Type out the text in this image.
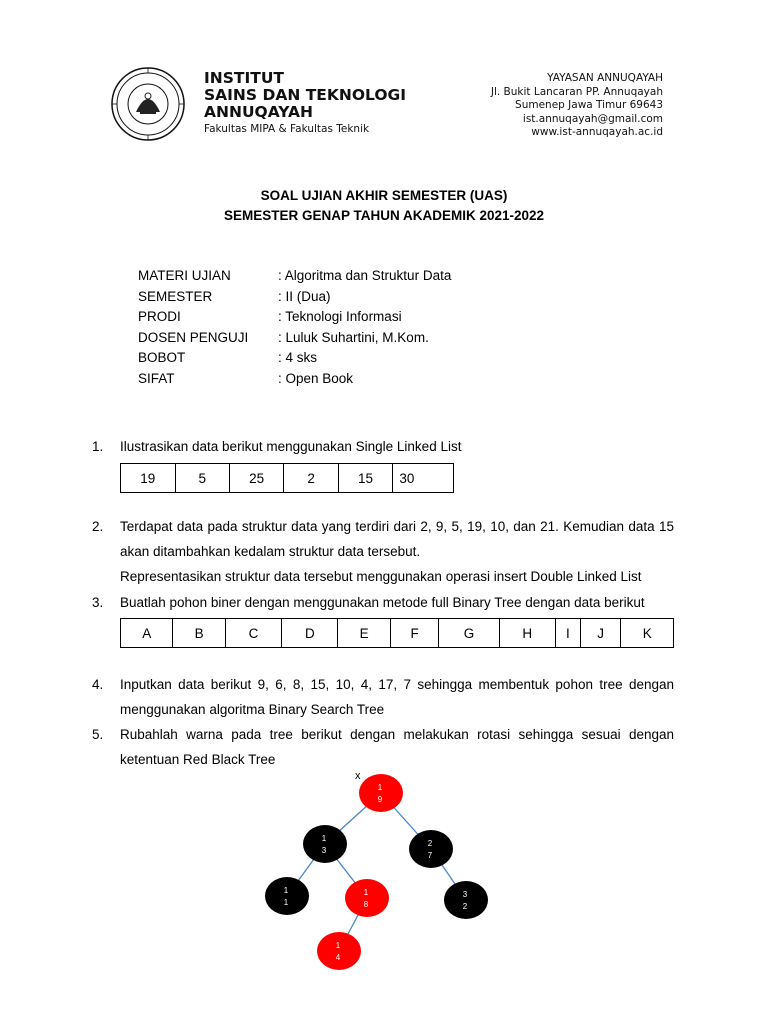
INSTITUT
SAINS DAN TEKNOLOGI
ANNUQAYAH
Fakultas MIPA & Fakultas Teknik
YAYASAN ANNUQAYAH
Jl. Bukit Lancaran PP. Annuqayah
Sumenep Jawa Timur 69643
ist.annuqayah@gmail.com
www.ist-annuqayah.ac.id
SOAL UJIAN AKHIR SEMESTER (UAS)
SEMESTER GENAP TAHUN AKADEMIK 2021-2022
MATERI UJIAN	: Algoritma dan Struktur Data
SEMESTER	: II (Dua)
PRODI	: Teknologi Informasi
DOSEN PENGUJI	: Luluk Suhartini, M.Kom.
BOBOT	: 4 sks
SIFAT	: Open Book
1. Ilustrasikan data berikut menggunakan Single Linked List
19	5	25	2	15	30
2. Terdapat data pada struktur data yang terdiri dari 2, 9, 5, 19, 10, dan 21. Kemudian data 15 akan ditambahkan kedalam struktur data tersebut.
Representasikan struktur data tersebut menggunakan operasi insert Double Linked List
3. Buatlah pohon biner dengan menggunakan metode full Binary Tree dengan data berikut
A	B	C	D	E	F	G	H	I	J	K
4. Inputkan data berikut 9, 6, 8, 15, 10, 4, 17, 7 sehingga membentuk pohon tree dengan menggunakan algoritma Binary Search Tree
5. Rubahlah warna pada tree berikut dengan melakukan rotasi sehingga sesuai dengan ketentuan Red Black Tree
x
1
9
1
3
2
7
1
1
1
8
3
2
1
4
